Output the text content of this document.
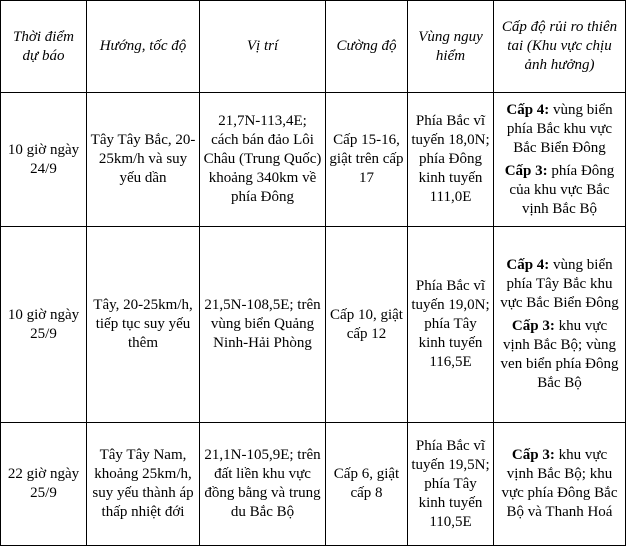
Thời điểm dự báo	Hướng, tốc độ	Vị trí	Cường độ	Vùng nguy hiểm	Cấp độ rủi ro thiên tai (Khu vực chịu ảnh hưởng)
10 giờ ngày 24/9	Tây Tây Bắc, 20-25km/h và suy yếu dần	21,7N-113,4E; cách bán đảo Lôi Châu (Trung Quốc) khoảng 340km về phía Đông	Cấp 15-16, giật trên cấp 17	Phía Bắc vĩ tuyến 18,0N; phía Đông kinh tuyến 111,0E	Cấp 4: vùng biển phía Bắc khu vực Bắc Biển Đông
Cấp 3: phía Đông của khu vực Bắc vịnh Bắc Bộ

10 giờ ngày 25/9	Tây, 20-25km/h, tiếp tục suy yếu thêm	21,5N-108,5E; trên vùng biển Quảng Ninh-Hải Phòng	Cấp 10, giật cấp 12	Phía Bắc vĩ tuyến 19,0N; phía Tây kinh tuyến 116,5E	Cấp 4: vùng biển phía Tây Bắc khu vực Bắc Biển Đông
Cấp 3: khu vực vịnh Bắc Bộ; vùng ven biển phía Đông Bắc Bộ

22 giờ ngày 25/9	Tây Tây Nam, khoảng 25km/h, suy yếu thành áp thấp nhiệt đới	21,1N-105,9E; trên đất liền khu vực đồng bằng và trung du Bắc Bộ	Cấp 6, giật cấp 8	Phía Bắc vĩ tuyến 19,5N; phía Tây kinh tuyến 110,5E	Cấp 3: khu vực vịnh Bắc Bộ; khu vực phía Đông Bắc Bộ và Thanh Hoá
